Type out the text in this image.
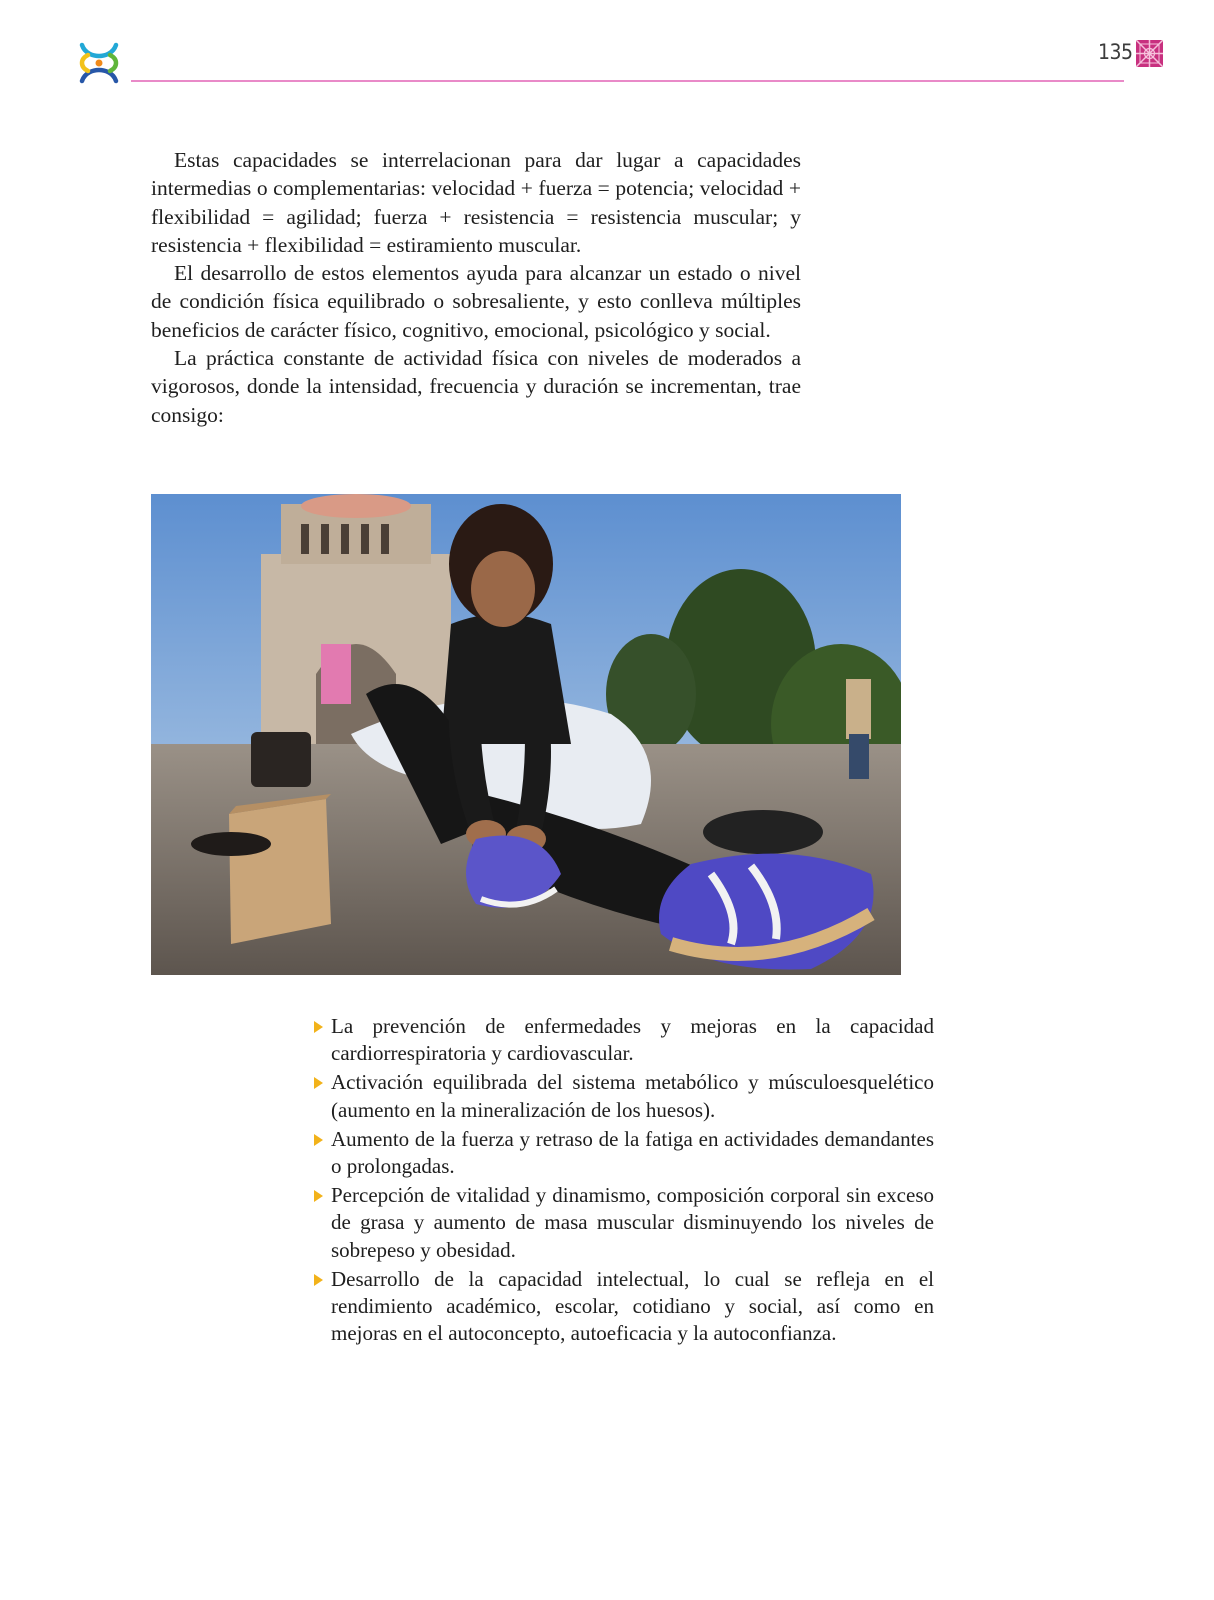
135

Estas capacidades se interrelacionan para dar lugar a capacidades intermedias o complementarias: velocidad + fuerza = potencia; velocidad + flexibilidad = agilidad; fuerza + resistencia = resistencia muscular; y resistencia + flexibilidad = estiramiento muscular.

El desarrollo de estos elementos ayuda para alcanzar un estado o nivel de condición física equilibrado o sobresaliente, y esto conlleva múltiples beneficios de carácter físico, cognitivo, emocional, psicológico y social.

La práctica constante de actividad física con niveles de moderados a vigorosos, donde la intensidad, frecuencia y duración se incrementan, trae consigo:

La prevención de enfermedades y mejoras en la capacidad cardiorrespiratoria y cardiovascular.
Activación equilibrada del sistema metabólico y músculoesquelético (aumento en la mineralización de los huesos).
Aumento de la fuerza y retraso de la fatiga en actividades demandantes o prolongadas.
Percepción de vitalidad y dinamismo, composición corporal sin exceso de grasa y aumento de masa muscular disminuyendo los niveles de sobrepeso y obesidad.
Desarrollo de la capacidad intelectual, lo cual se refleja en el rendimiento académico, escolar, cotidiano y social, así como en mejoras en el autoconcepto, autoeficacia y la autoconfianza.
